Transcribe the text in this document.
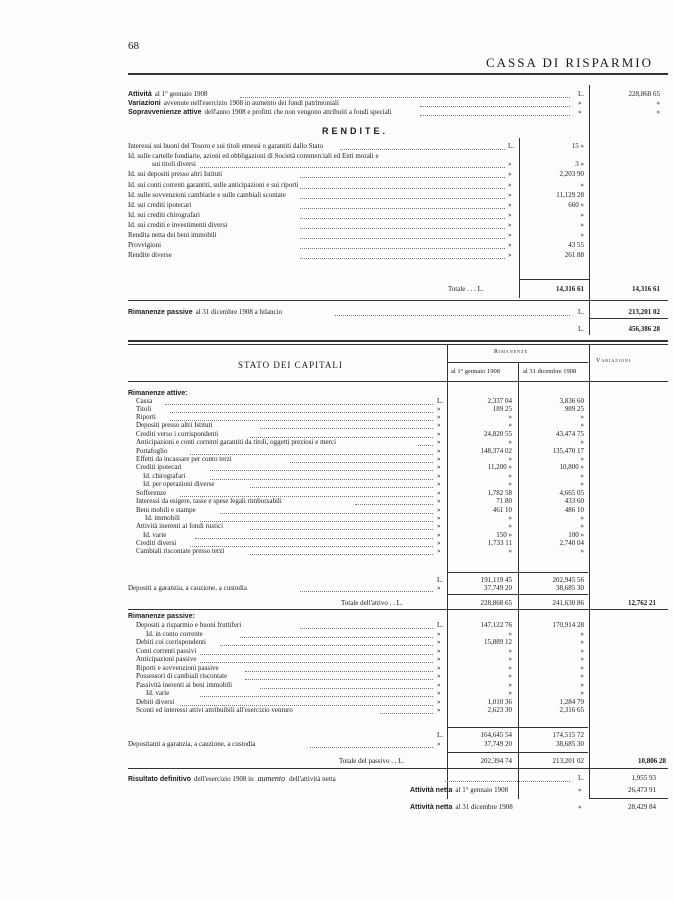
68
CASSA DI RISPARMIO
Attività al 1° gennaio 1908	L.	228,868 65
Variazioni avvenute nell'esercizio 1908 in aumento dei fondi patrimoniali	»	»
Sopravvenienze attive dell'anno 1908 e profitti che non vengono attribuiti a fondi speciali	»	»
RENDITE.
Interessi sui buoni del Tesoro e sui titoli emessi o garantiti dallo Stato	L.	15 »
Id. sulle cartelle fondiarie, azioni ed obbligazioni di Società commerciali ed Enti morali e
sui titoli diversi	»	3 »
Id. sui depositi presso altri Istituti	»	2,203 90
Id. sui conti correnti garantiti, sulle anticipazioni e sui riporti	»	»
Id. sulle sovvenzioni cambiarie e sulle cambiali scontate	»	11,129 28
Id. sui crediti ipotecari	»	660 »
Id. sui crediti chirografari	»	»
Id. sui crediti e investimenti diversi	»	»
Rendita netta dei beni immobili	»	»
Provvigioni	»	43 55
Rendite diverse	»	261 88
Totale . . . L.	14,316 61	14,316 61
Rimanenze passive al 31 dicembre 1908 a bilancio	L.	213,201 02
L.	456,386 28
STATO DEI CAPITALI
Rimanenze
al 1° gennaio 1908	al 31 dicembre 1908
Variazioni
Rimanenze attive:
Cassa	L.	2,337 04	3,836 60
Titoli	»	189 25	989 25
Riporti	»	»	»
Depositi presso altri Istituti	»	»	»
Crediti verso i corrispondenti	»	24,820 55	43,474 75
Anticipazioni e conti correnti garantiti da titoli, oggetti preziosi e merci	»	»	»
Portafoglio	»	148,374 02	135,470 17
Effetti da incassare per conto terzi	»	»	»
Crediti ipotecari	»	11,200 »	10,800 »
Id. chirografari	»	»	»
Id. per operazioni diverse	»	»	»
Sofferenze	»	1,782 58	4,665 05
Interessi da esigere, tasse e spese legali rimborsabili	»	71 80	433 60
Beni mobili e stampe	»	461 10	486 10
Id. immobili	»	»	»
Attività inerenti ai fondi rustici	»	»	»
Id. varie	»	150 »	100 »
Crediti diversi	»	1,733 11	2,740 04
Cambiali riscontate presso terzi	»	»	»
L.	191,119 45	202,945 56
Depositi a garanzia, a cauzione, a custodia	»	37,749 20	38,685 30
Totale dell'attivo . . L.	228,868 65	241,630 86	12,762 21
Rimanenze passive:
Depositi a risparmio e buoni fruttiferi	L.	147,122 76	170,914 28
Id. in conto corrente	»	»	»
Debiti coi corrispondenti	»	15,889 12	»
Conti correnti passivi	»	»	»
Anticipazioni passive	»	»	»
Riporti e sovvenzioni passive	»	»	»
Possessori di cambiali riscontate	»	»	»
Passività inerenti ai beni immobili	»	»	»
Id. varie	»	»	»
Debiti diversi	»	1,010 36	1,284 79
Sconti ed interessi attivi attribuibili all'esercizio venturo	»	2,623 30	2,316 65
L.	164,645 54	174,515 72
Depositanti a garanzia, a cauzione, a custodia	»	37,749 20	38,685 30
Totale del passivo . . L.	202,394 74	213,201 02	10,806 28
Risultato definitivo dell'esercizio 1908 in aumento dell'attività netta	L.	1,955 93
Attività netta al 1° gennaio 1908	»	26,473 91
Attività netta al 31 dicembre 1908	»	28,429 84
